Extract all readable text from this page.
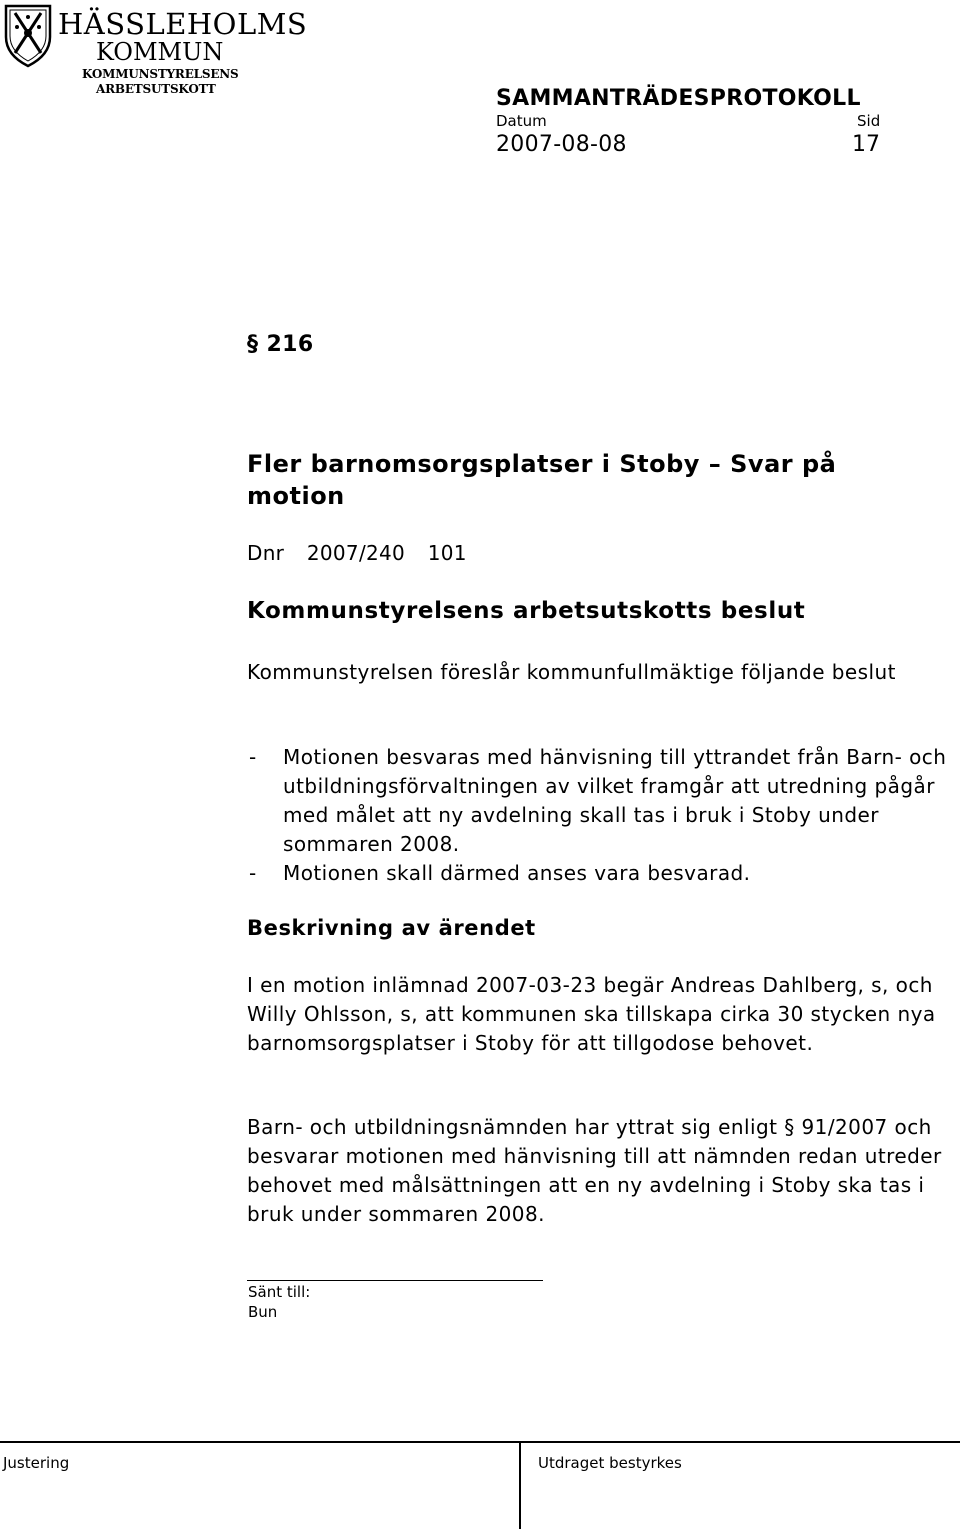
HÄSSLEHOLMS
KOMMUN
KOMMUNSTYRELSENS
ARBETSUTSKOTT	SAMMANTRÄDESPROTOKOLL
Datum	Sid
2007-08-08	17
§ 216
Fler barnomsorgsplatser i Stoby – Svar på motion
Dnr 2007/240 101
Kommunstyrelsens arbetsutskotts beslut
Kommunstyrelsen föreslår kommunfullmäktige följande beslut
- Motionen besvaras med hänvisning till yttrandet från Barn- och utbildningsförvaltningen av vilket framgår att utredning pågår med målet att ny avdelning skall tas i bruk i Stoby under sommaren 2008.
- Motionen skall därmed anses vara besvarad.
Beskrivning av ärendet
I en motion inlämnad 2007-03-23 begär Andreas Dahlberg, s, och Willy Ohlsson, s, att kommunen ska tillskapa cirka 30 stycken nya barnomsorgsplatser i Stoby för att tillgodose behovet.
Barn- och utbildningsnämnden har yttrat sig enligt § 91/2007 och besvarar motionen med hänvisning till att nämnden redan utreder behovet med målsättningen att en ny avdelning i Stoby ska tas i bruk under sommaren 2008.
Sänt till:
Bun
Justering	Utdraget bestyrkes
